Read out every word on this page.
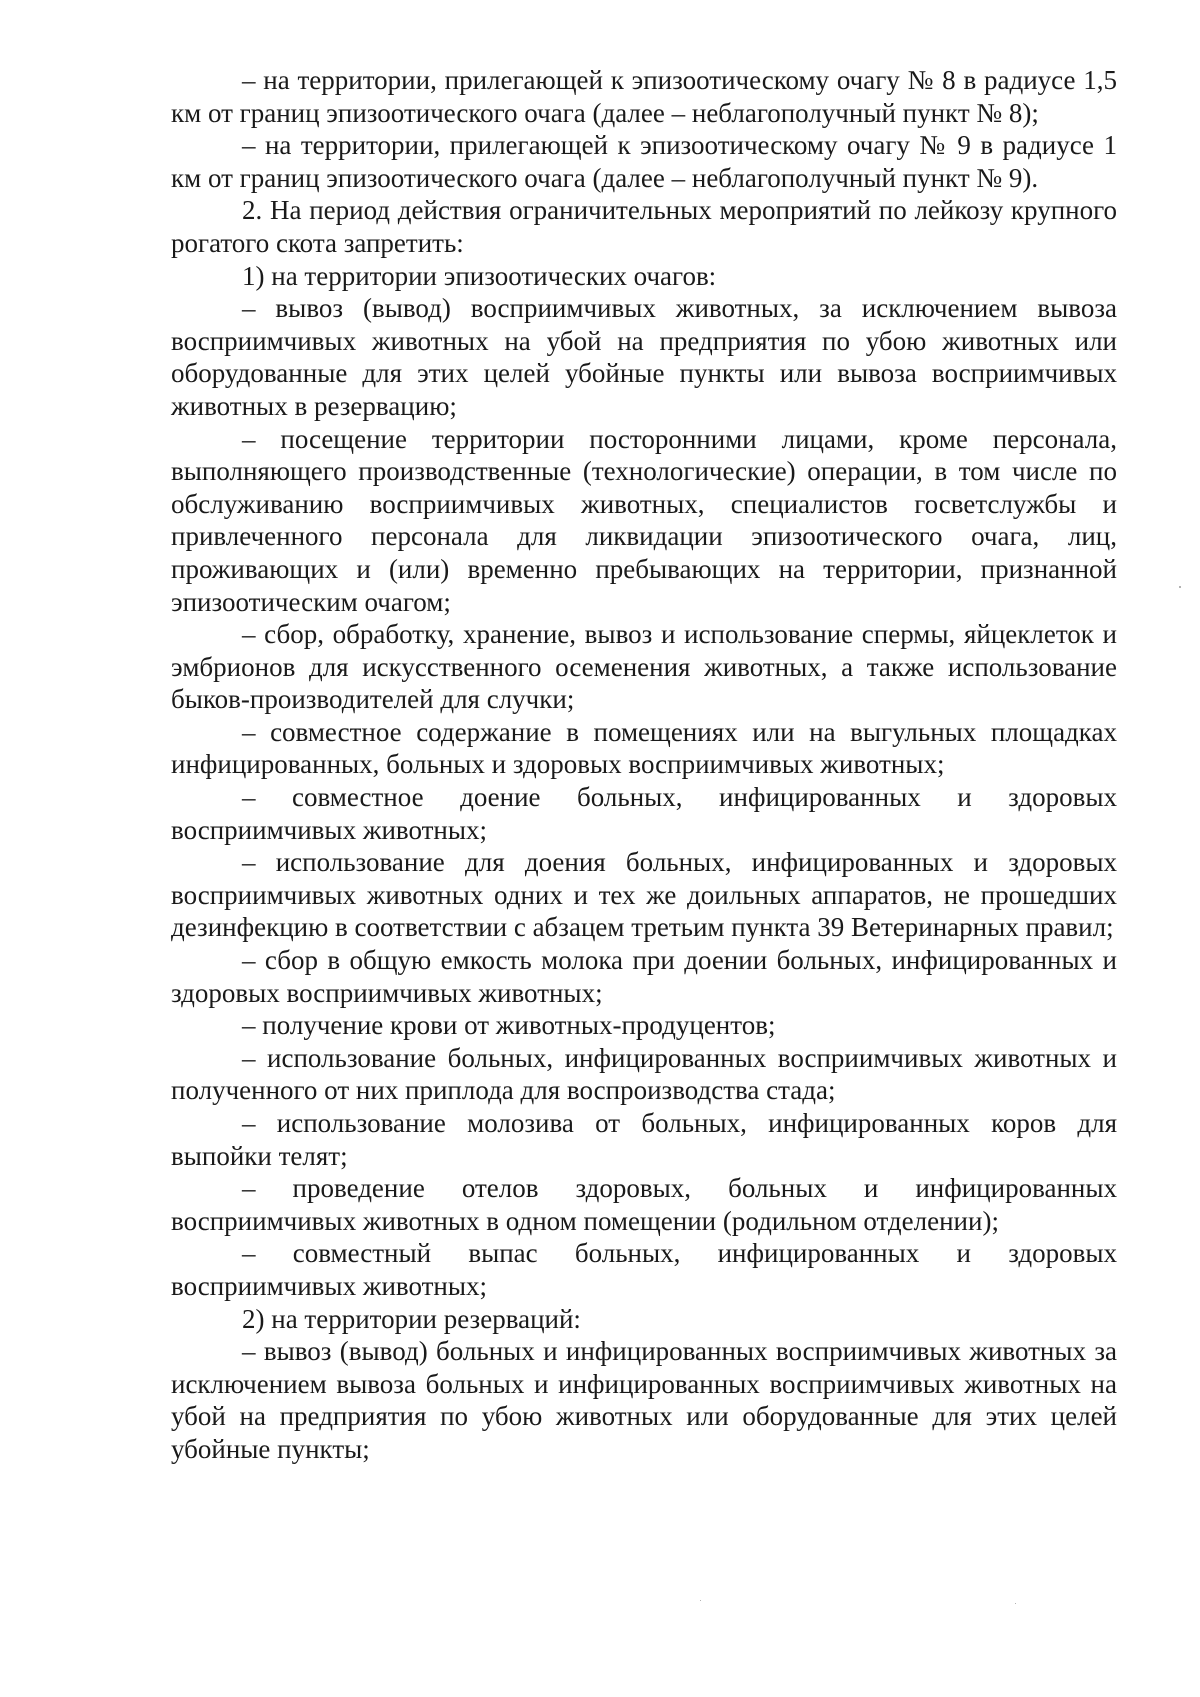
– на территории, прилегающей к эпизоотическому очагу № 8 в радиусе 1,5 км от границ эпизоотического очага (далее – неблагополучный пункт № 8);

– на территории, прилегающей к эпизоотическому очагу № 9 в радиусе 1 км от границ эпизоотического очага (далее – неблагополучный пункт № 9).

2. На период действия ограничительных мероприятий по лейкозу крупного рогатого скота запретить:

1) на территории эпизоотических очагов:

– вывоз (вывод) восприимчивых животных, за исключением вывоза восприимчивых животных на убой на предприятия по убою животных или оборудованные для этих целей убойные пункты или вывоза восприимчивых животных в резервацию;

– посещение территории посторонними лицами, кроме персонала, выполняющего производственные (технологические) операции, в том числе по обслуживанию восприимчивых животных, специалистов госветслужбы и привлеченного персонала для ликвидации эпизоотического очага, лиц, проживающих и (или) временно пребывающих на территории, признанной эпизоотическим очагом;

– сбор, обработку, хранение, вывоз и использование спермы, яйцеклеток и эмбрионов для искусственного осеменения животных, а также использование быков-производителей для случки;

– совместное содержание в помещениях или на выгульных площадках инфицированных, больных и здоровых восприимчивых животных;

– совместное доение больных, инфицированных и здоровых восприимчивых животных;

– использование для доения больных, инфицированных и здоровых восприимчивых животных одних и тех же доильных аппаратов, не прошедших дезинфекцию в соответствии с абзацем третьим пункта 39 Ветеринарных правил;

– сбор в общую емкость молока при доении больных, инфицированных и здоровых восприимчивых животных;

– получение крови от животных-продуцентов;

– использование больных, инфицированных восприимчивых животных и полученного от них приплода для воспроизводства стада;

– использование молозива от больных, инфицированных коров для выпойки телят;

– проведение отелов здоровых, больных и инфицированных восприимчивых животных в одном помещении (родильном отделении);

– совместный выпас больных, инфицированных и здоровых восприимчивых животных;

2) на территории резерваций:

– вывоз (вывод) больных и инфицированных восприимчивых животных за исключением вывоза больных и инфицированных восприимчивых животных на убой на предприятия по убою животных или оборудованные для этих целей убойные пункты;
